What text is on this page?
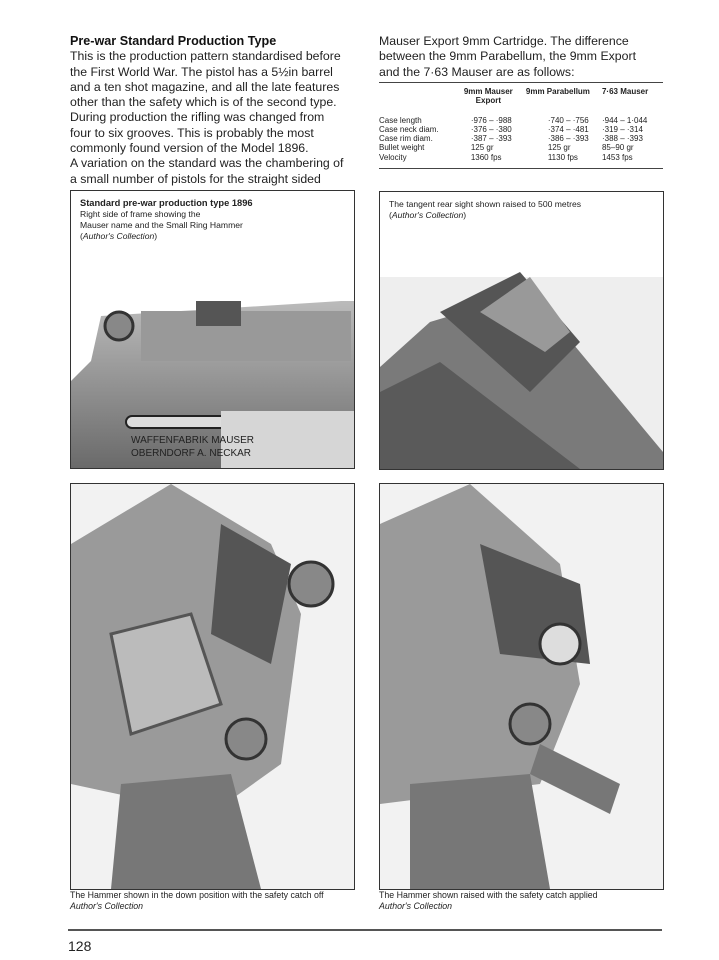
Pre-war Standard Production Type

This is the production pattern standardised before

the First World War. The pistol has a 5½in barrel

and a ten shot magazine, and all the late features

other than the safety which is of the second type.

During production the rifling was changed from

four to six grooves. This is probably the most

commonly found version of the Model 1896.

A variation on the standard was the chambering of

a small number of pistols for the straight sided

Mauser Export 9mm Cartridge. The difference
between the 9mm Parabellum, the 9mm Export
and the 7·63 Mauser are as follows:
	9mm Mauser Export	9mm Parabellum	7·63 Mauser
Case length	·976 – ·988	·740 – ·756	·944 – 1·044
Case neck diam.	·376 – ·380	·374 – ·481	·319 – ·314
Case rim diam.	·387 – ·393	·386 – ·393	·388 – ·393
Bullet weight	125 gr	125 gr	85–90 gr
Velocity	1360 fps	1130 fps	1453 fps
WAFFENFABRIK MAUSER
OBERNDORF A. NECKAR
Standard pre-war production type 1896
Right side of frame showing the
Mauser name and the Small Ring Hammer
(Author's Collection)
The tangent rear sight shown raised to 500 metres
(Author's Collection)
The Hammer shown in the down position with the safety catch off
Author's Collection
The Hammer shown raised with the safety catch applied
Author's Collection
128
